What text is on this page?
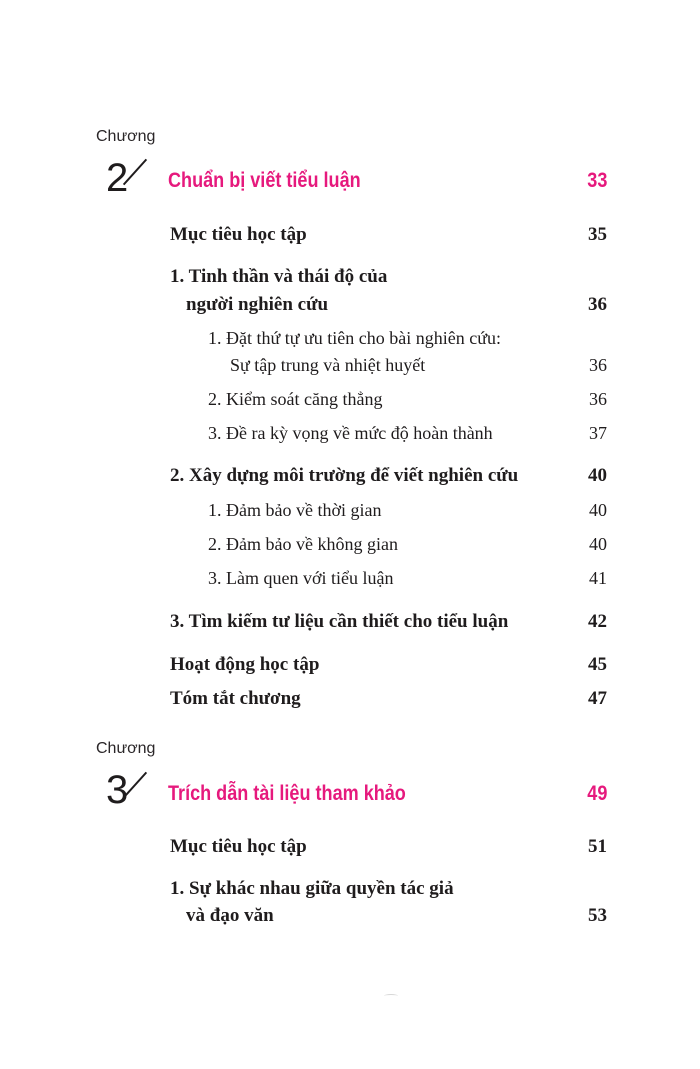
Chương
2 Chuẩn bị viết tiểu luận	33
Mục tiêu học tập	35
1. Tinh thần và thái độ của
người nghiên cứu	36
1. Đặt thứ tự ưu tiên cho bài nghiên cứu:
Sự tập trung và nhiệt huyết	36
2. Kiểm soát căng thẳng	36
3. Đề ra kỳ vọng về mức độ hoàn thành	37
2. Xây dựng môi trường để viết nghiên cứu	40
1. Đảm bảo về thời gian	40
2. Đảm bảo về không gian	40
3. Làm quen với tiểu luận	41
3. Tìm kiếm tư liệu cần thiết cho tiểu luận	42
Hoạt động học tập	45
Tóm tắt chương	47
Chương
3 Trích dẫn tài liệu tham khảo	49
Mục tiêu học tập	51
1. Sự khác nhau giữa quyền tác giả
và đạo văn	53
